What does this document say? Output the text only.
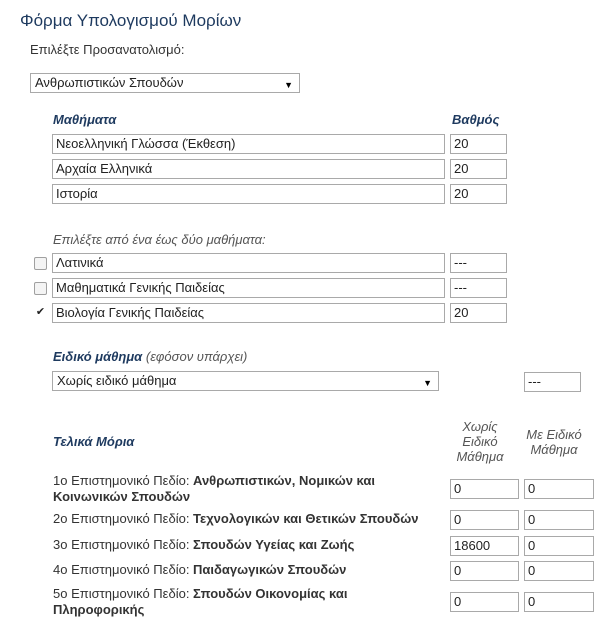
Φόρμα Υπολογισμού Μορίων
Επιλέξτε Προσανατολισμό:
Ανθρωπιστικών Σπουδών	▼
Μαθήματα	Βαθμός
Νεοελληνική Γλώσσα (Έκθεση)	20
Αρχαία Ελληνικά	20
Ιστορία	20
Επιλέξτε από ένα έως δύο μαθήματα:
Λατινικά	---
Μαθηματικά Γενικής Παιδείας	---
✔ Βιολογία Γενικής Παιδείας	20
Ειδικό μάθημα (εφόσον υπάρχει)
Χωρίς ειδικό μάθημα	▼	---
Τελικά Μόρια
Χωρίς
Ειδικό
Μάθημα
Με Ειδικό
Μάθημα
1ο Επιστημονικό Πεδίο: Ανθρωπιστικών, Νομικών και
Κοινωνικών Σπουδών
0	0
2ο Επιστημονικό Πεδίο: Τεχνολογικών και Θετικών Σπουδών	0	0
3ο Επιστημονικό Πεδίο: Σπουδών Υγείας και Ζωής	18600	0
4ο Επιστημονικό Πεδίο: Παιδαγωγικών Σπουδών	0	0
5ο Επιστημονικό Πεδίο: Σπουδών Οικονομίας και
Πληροφορικής
0	0
